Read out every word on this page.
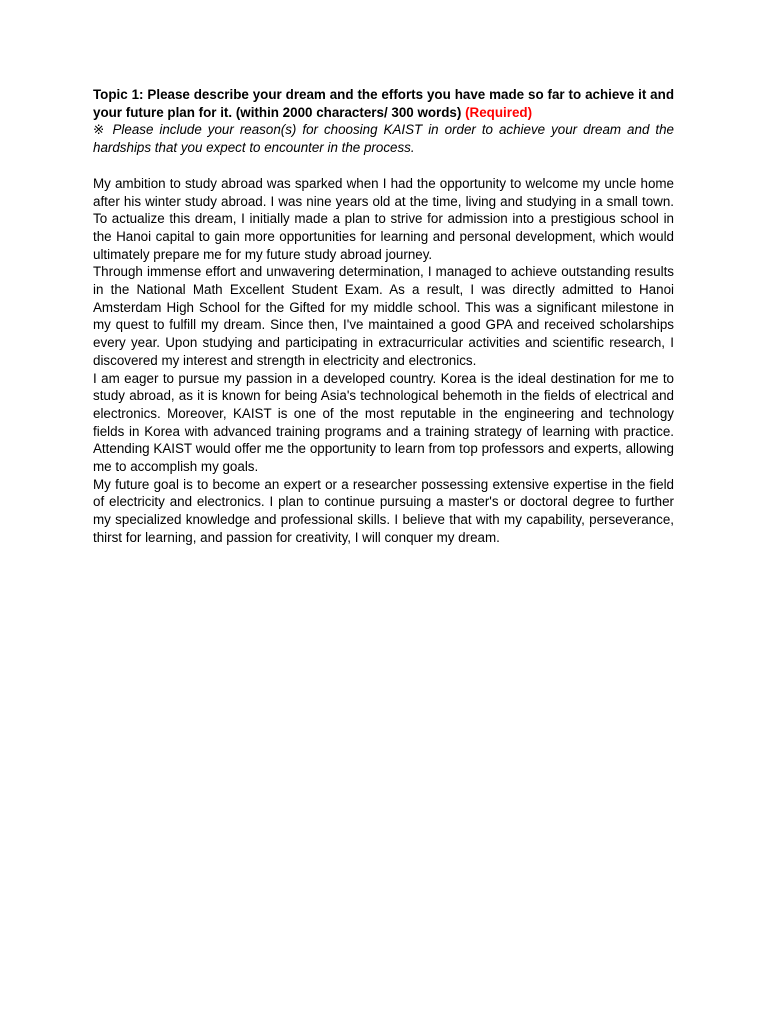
Topic 1: Please describe your dream and the efforts you have made so far to achieve it and your future plan for it. (within 2000 characters/ 300 words) (Required)
※ Please include your reason(s) for choosing KAIST in order to achieve your dream and the hardships that you expect to encounter in the process.

My ambition to study abroad was sparked when I had the opportunity to welcome my uncle home after his winter study abroad. I was nine years old at the time, living and studying in a small town. To actualize this dream, I initially made a plan to strive for admission into a prestigious school in the Hanoi capital to gain more opportunities for learning and personal development, which would ultimately prepare me for my future study abroad journey.

Through immense effort and unwavering determination, I managed to achieve outstanding results in the National Math Excellent Student Exam. As a result, I was directly admitted to Hanoi Amsterdam High School for the Gifted for my middle school. This was a significant milestone in my quest to fulfill my dream. Since then, I've maintained a good GPA and received scholarships every year. Upon studying and participating in extracurricular activities and scientific research, I discovered my interest and strength in electricity and electronics.

I am eager to pursue my passion in a developed country. Korea is the ideal destination for me to study abroad, as it is known for being Asia's technological behemoth in the fields of electrical and electronics. Moreover, KAIST is one of the most reputable in the engineering and technology fields in Korea with advanced training programs and a training strategy of learning with practice. Attending KAIST would offer me the opportunity to learn from top professors and experts, allowing me to accomplish my goals.

My future goal is to become an expert or a researcher possessing extensive expertise in the field of electricity and electronics. I plan to continue pursuing a master's or doctoral degree to further my specialized knowledge and professional skills. I believe that with my capability, perseverance, thirst for learning, and passion for creativity, I will conquer my dream.
